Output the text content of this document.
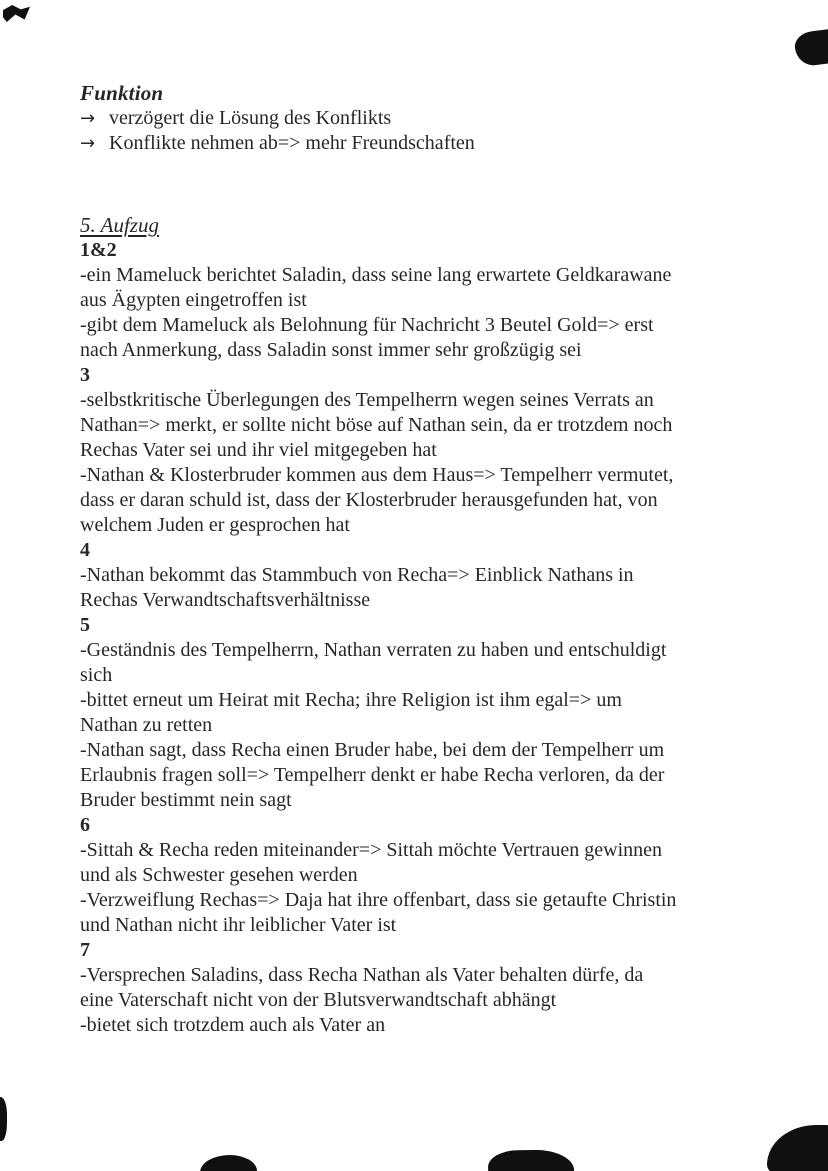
Funktion
→ verzögert die Lösung des Konflikts
→ Konflikte nehmen ab=> mehr Freundschaften
5. Aufzug
1&2
-ein Mameluck berichtet Saladin, dass seine lang erwartete Geldkarawane
aus Ägypten eingetroffen ist
-gibt dem Mameluck als Belohnung für Nachricht 3 Beutel Gold=> erst
nach Anmerkung, dass Saladin sonst immer sehr großzügig sei
3
-selbstkritische Überlegungen des Tempelherrn wegen seines Verrats an
Nathan=> merkt, er sollte nicht böse auf Nathan sein, da er trotzdem noch
Rechas Vater sei und ihr viel mitgegeben hat
-Nathan & Klosterbruder kommen aus dem Haus=> Tempelherr vermutet,
dass er daran schuld ist, dass der Klosterbruder herausgefunden hat, von
welchem Juden er gesprochen hat
4
-Nathan bekommt das Stammbuch von Recha=> Einblick Nathans in
Rechas Verwandtschaftsverhältnisse
5
-Geständnis des Tempelherrn, Nathan verraten zu haben und entschuldigt
sich
-bittet erneut um Heirat mit Recha; ihre Religion ist ihm egal=> um
Nathan zu retten
-Nathan sagt, dass Recha einen Bruder habe, bei dem der Tempelherr um
Erlaubnis fragen soll=> Tempelherr denkt er habe Recha verloren, da der
Bruder bestimmt nein sagt
6
-Sittah & Recha reden miteinander=> Sittah möchte Vertrauen gewinnen
und als Schwester gesehen werden
-Verzweiflung Rechas=> Daja hat ihre offenbart, dass sie getaufte Christin
und Nathan nicht ihr leiblicher Vater ist
7
-Versprechen Saladins, dass Recha Nathan als Vater behalten dürfe, da
eine Vaterschaft nicht von der Blutsverwandtschaft abhängt
-bietet sich trotzdem auch als Vater an
